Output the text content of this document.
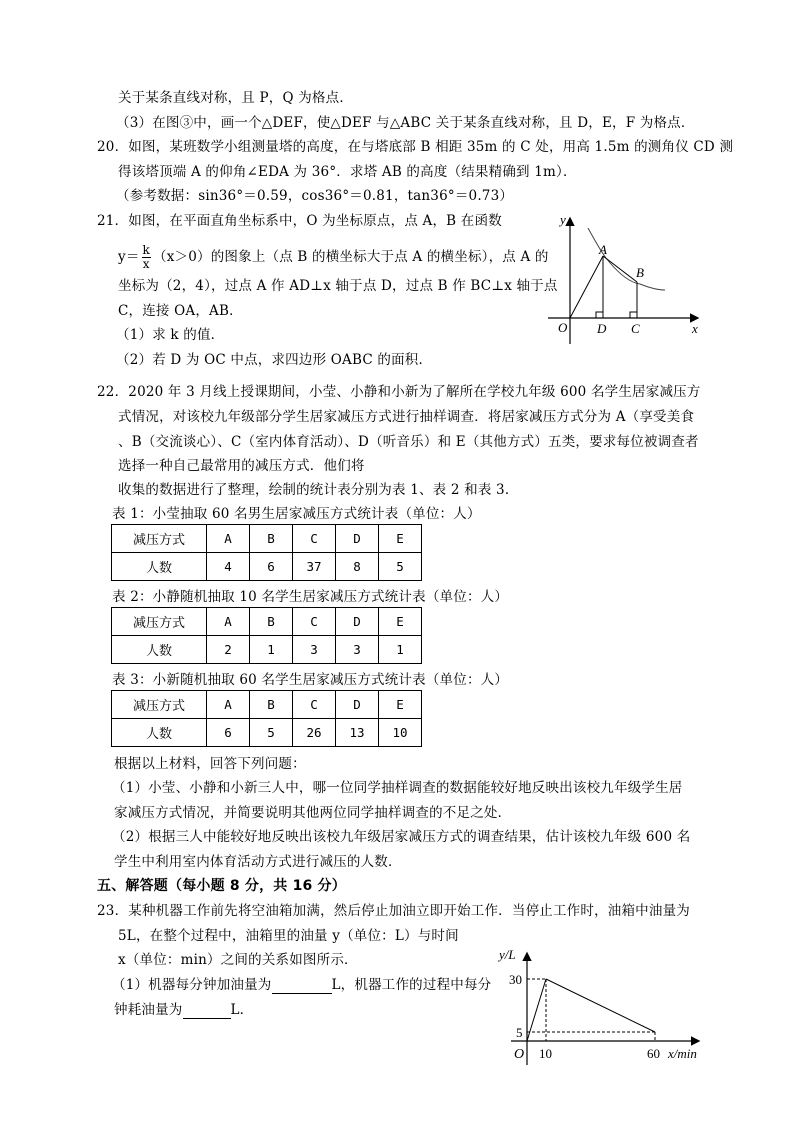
关于某条直线对称，且 P，Q 为格点．
（3）在图③中，画一个△DEF，使△DEF 与△ABC 关于某条直线对称，且 D，E，F 为格点．
20．如图，某班数学小组测量塔的高度，在与塔底部 B 相距 35m 的 C 处，用高 1.5m 的测角仪 CD 测
得该塔顶端 A 的仰角∠EDA 为 36°．求塔 AB 的高度（结果精确到 1m）．
（参考数据：sin36°＝0.59，cos36°＝0.81，tan36°＝0.73）
21．如图，在平面直角坐标系中，O 为坐标原点，点 A，B 在函数
$y= \frac{k}{x} (x>0)$的图象上（点 B 的横坐标大于点 A 的横坐标），点 A 的
坐标为（2，4），过点 A 作 AD⊥x 轴于点 D，过点 B 作 BC⊥x 轴于点
C，连接 OA，AB．
（1）求 k 的值．
（2）若 D 为 OC 中点，求四边形 OABC 的面积．
y
x
O
A
B
D C
22．2020 年 3 月线上授课期间，小莹、小静和小新为了解所在学校九年级 600 名学生居家减压方
式情况，对该校九年级部分学生居家减压方式进行抽样调查．将居家减压方式分为 A（享受美食
、B（交流谈心）、C（室内体育活动）、D（听音乐）和 E（其他方式）五类，要求每位被调查者
选择一种自己最常用的减压方式．他们将
收集的数据进行了整理，绘制的统计表分别为表 1、表 2 和表 3．
表 1：小莹抽取 60 名男生居家减压方式统计表（单位：人）
减压方式	A	B	C	D	E
人数	4	6	37	8	5
表 2：小静随机抽取 10 名学生居家减压方式统计表（单位：人）
减压方式	A	B	C	D	E
人数	2	1	3	3	1
表 3：小新随机抽取 60 名学生居家减压方式统计表（单位：人）
减压方式	A	B	C	D	E
人数	6	5	26	13	10
根据以上材料，回答下列问题：
（1）小莹、小静和小新三人中，哪一位同学抽样调查的数据能较好地反映出该校九年级学生居
家减压方式情况，并简要说明其他两位同学抽样调查的不足之处．
（2）根据三人中能较好地反映出该校九年级居家减压方式的调查结果，估计该校九年级 600 名
学生中利用室内体育活动方式进行减压的人数．
五、解答题（每小题 8 分，共 16 分）
23．某种机器工作前先将空油箱加满，然后停止加油立即开始工作．当停止工作时，油箱中油量为
5L，在整个过程中，油箱里的油量 y（单位：L）与时间
x（单位：min）之间的关系如图所示．
（1）机器每分钟加油量为	L，机器工作的过程中每分
钟耗油量为	L．
y/L
30
5
O 10	60 x/min
